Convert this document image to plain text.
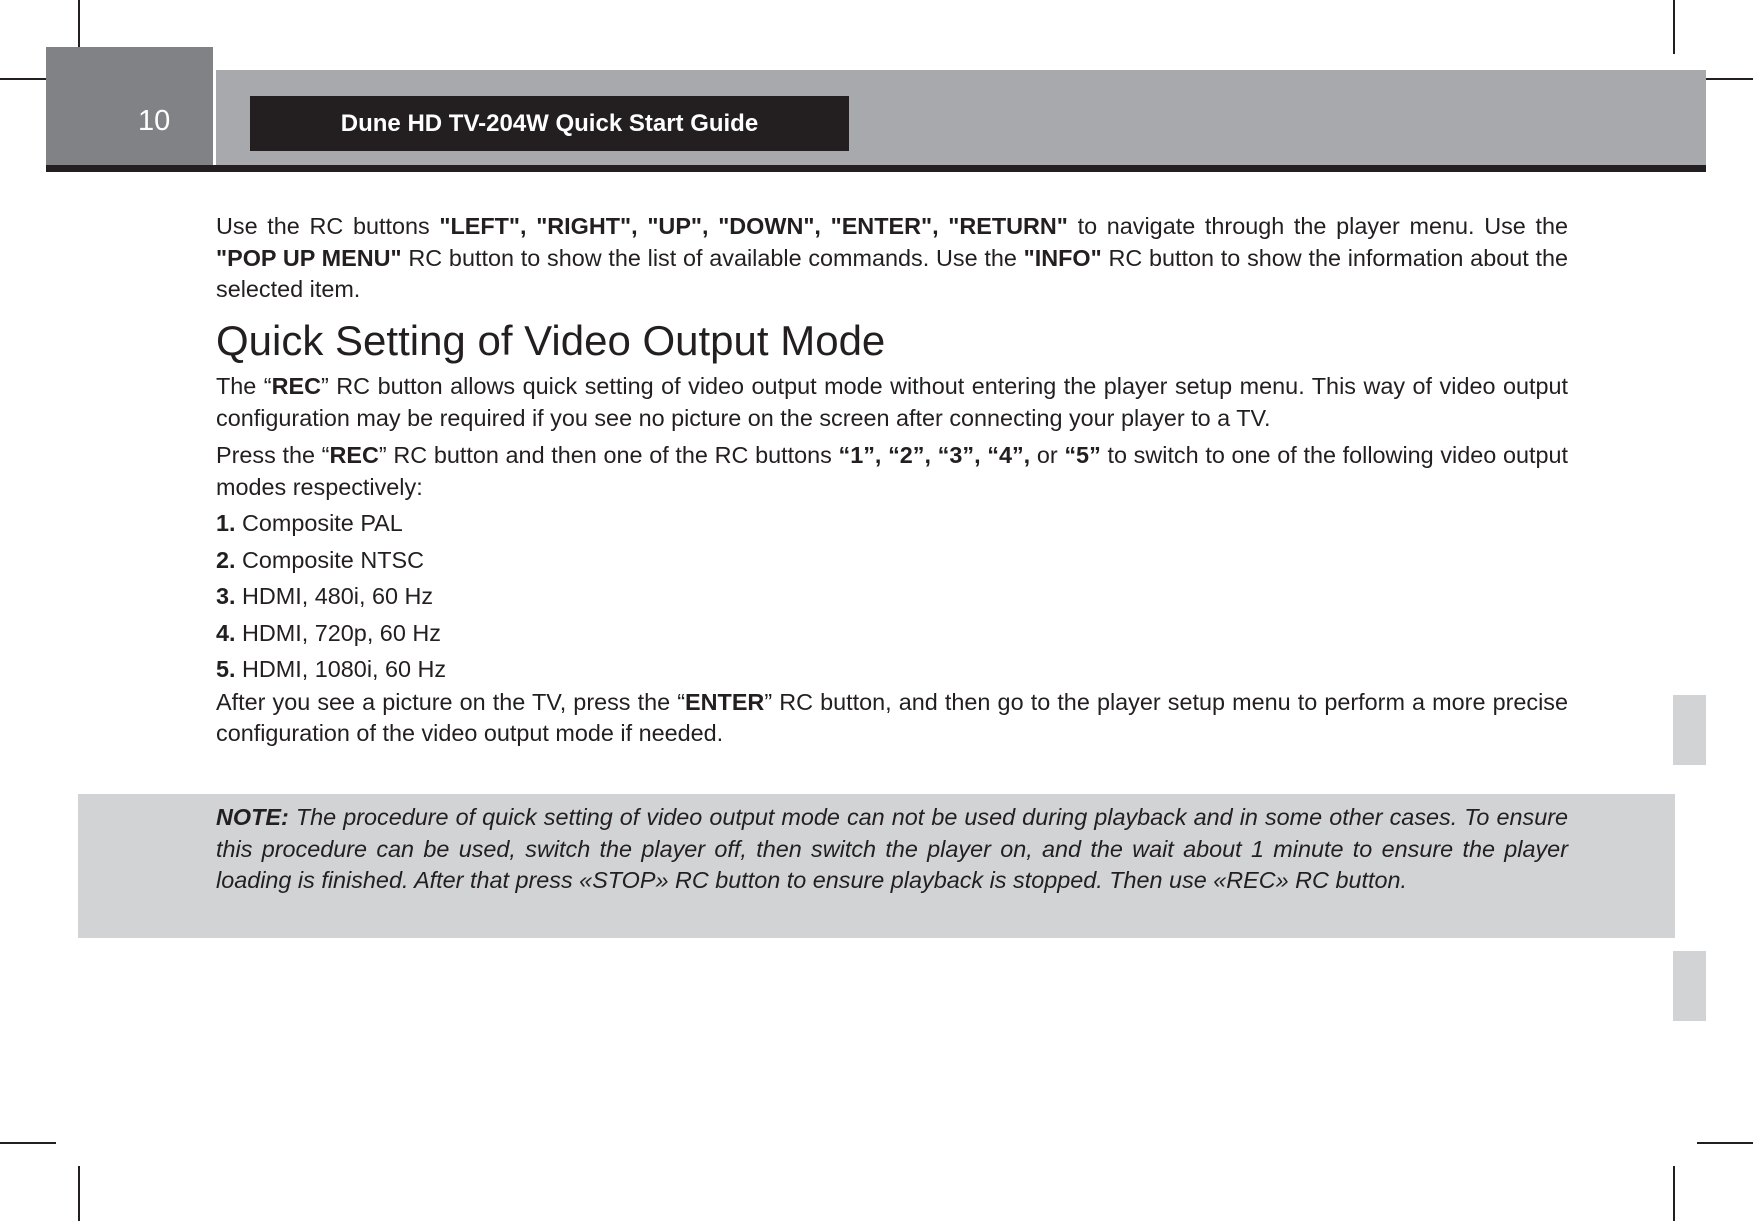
10	Dune HD TV-204W Quick Start Guide

Use the RC buttons "LEFT", "RIGHT", "UP", "DOWN", "ENTER", "RETURN" to navigate through the player menu. Use the "POP UP MENU" RC button to show the list of available commands. Use the "INFO" RC button to show the information about the selected item.

Quick Setting of Video Output Mode

The “REC” RC button allows quick setting of video output mode without entering the player setup menu. This way of video output configuration may be required if you see no picture on the screen after connecting your player to a TV.

Press the “REC” RC button and then one of the RC buttons “1”, “2”, “3”, “4”, or “5” to switch to one of the following video output modes respectively:

1. Composite PAL

2. Composite NTSC

3. HDMI, 480i, 60 Hz

4. HDMI, 720p, 60 Hz

5. HDMI, 1080i, 60 Hz

After you see a picture on the TV, press the “ENTER” RC button, and then go to the player setup menu to perform a more precise configuration of the video output mode if needed.

NOTE: The procedure of quick setting of video output mode can not be used during playback and in some other cases. To ensure this procedure can be used, switch the player off, then switch the player on, and the wait about 1 minute to ensure the player loading is finished. After that press «STOP» RC button to ensure playback is stopped. Then use «REC» RC button.
